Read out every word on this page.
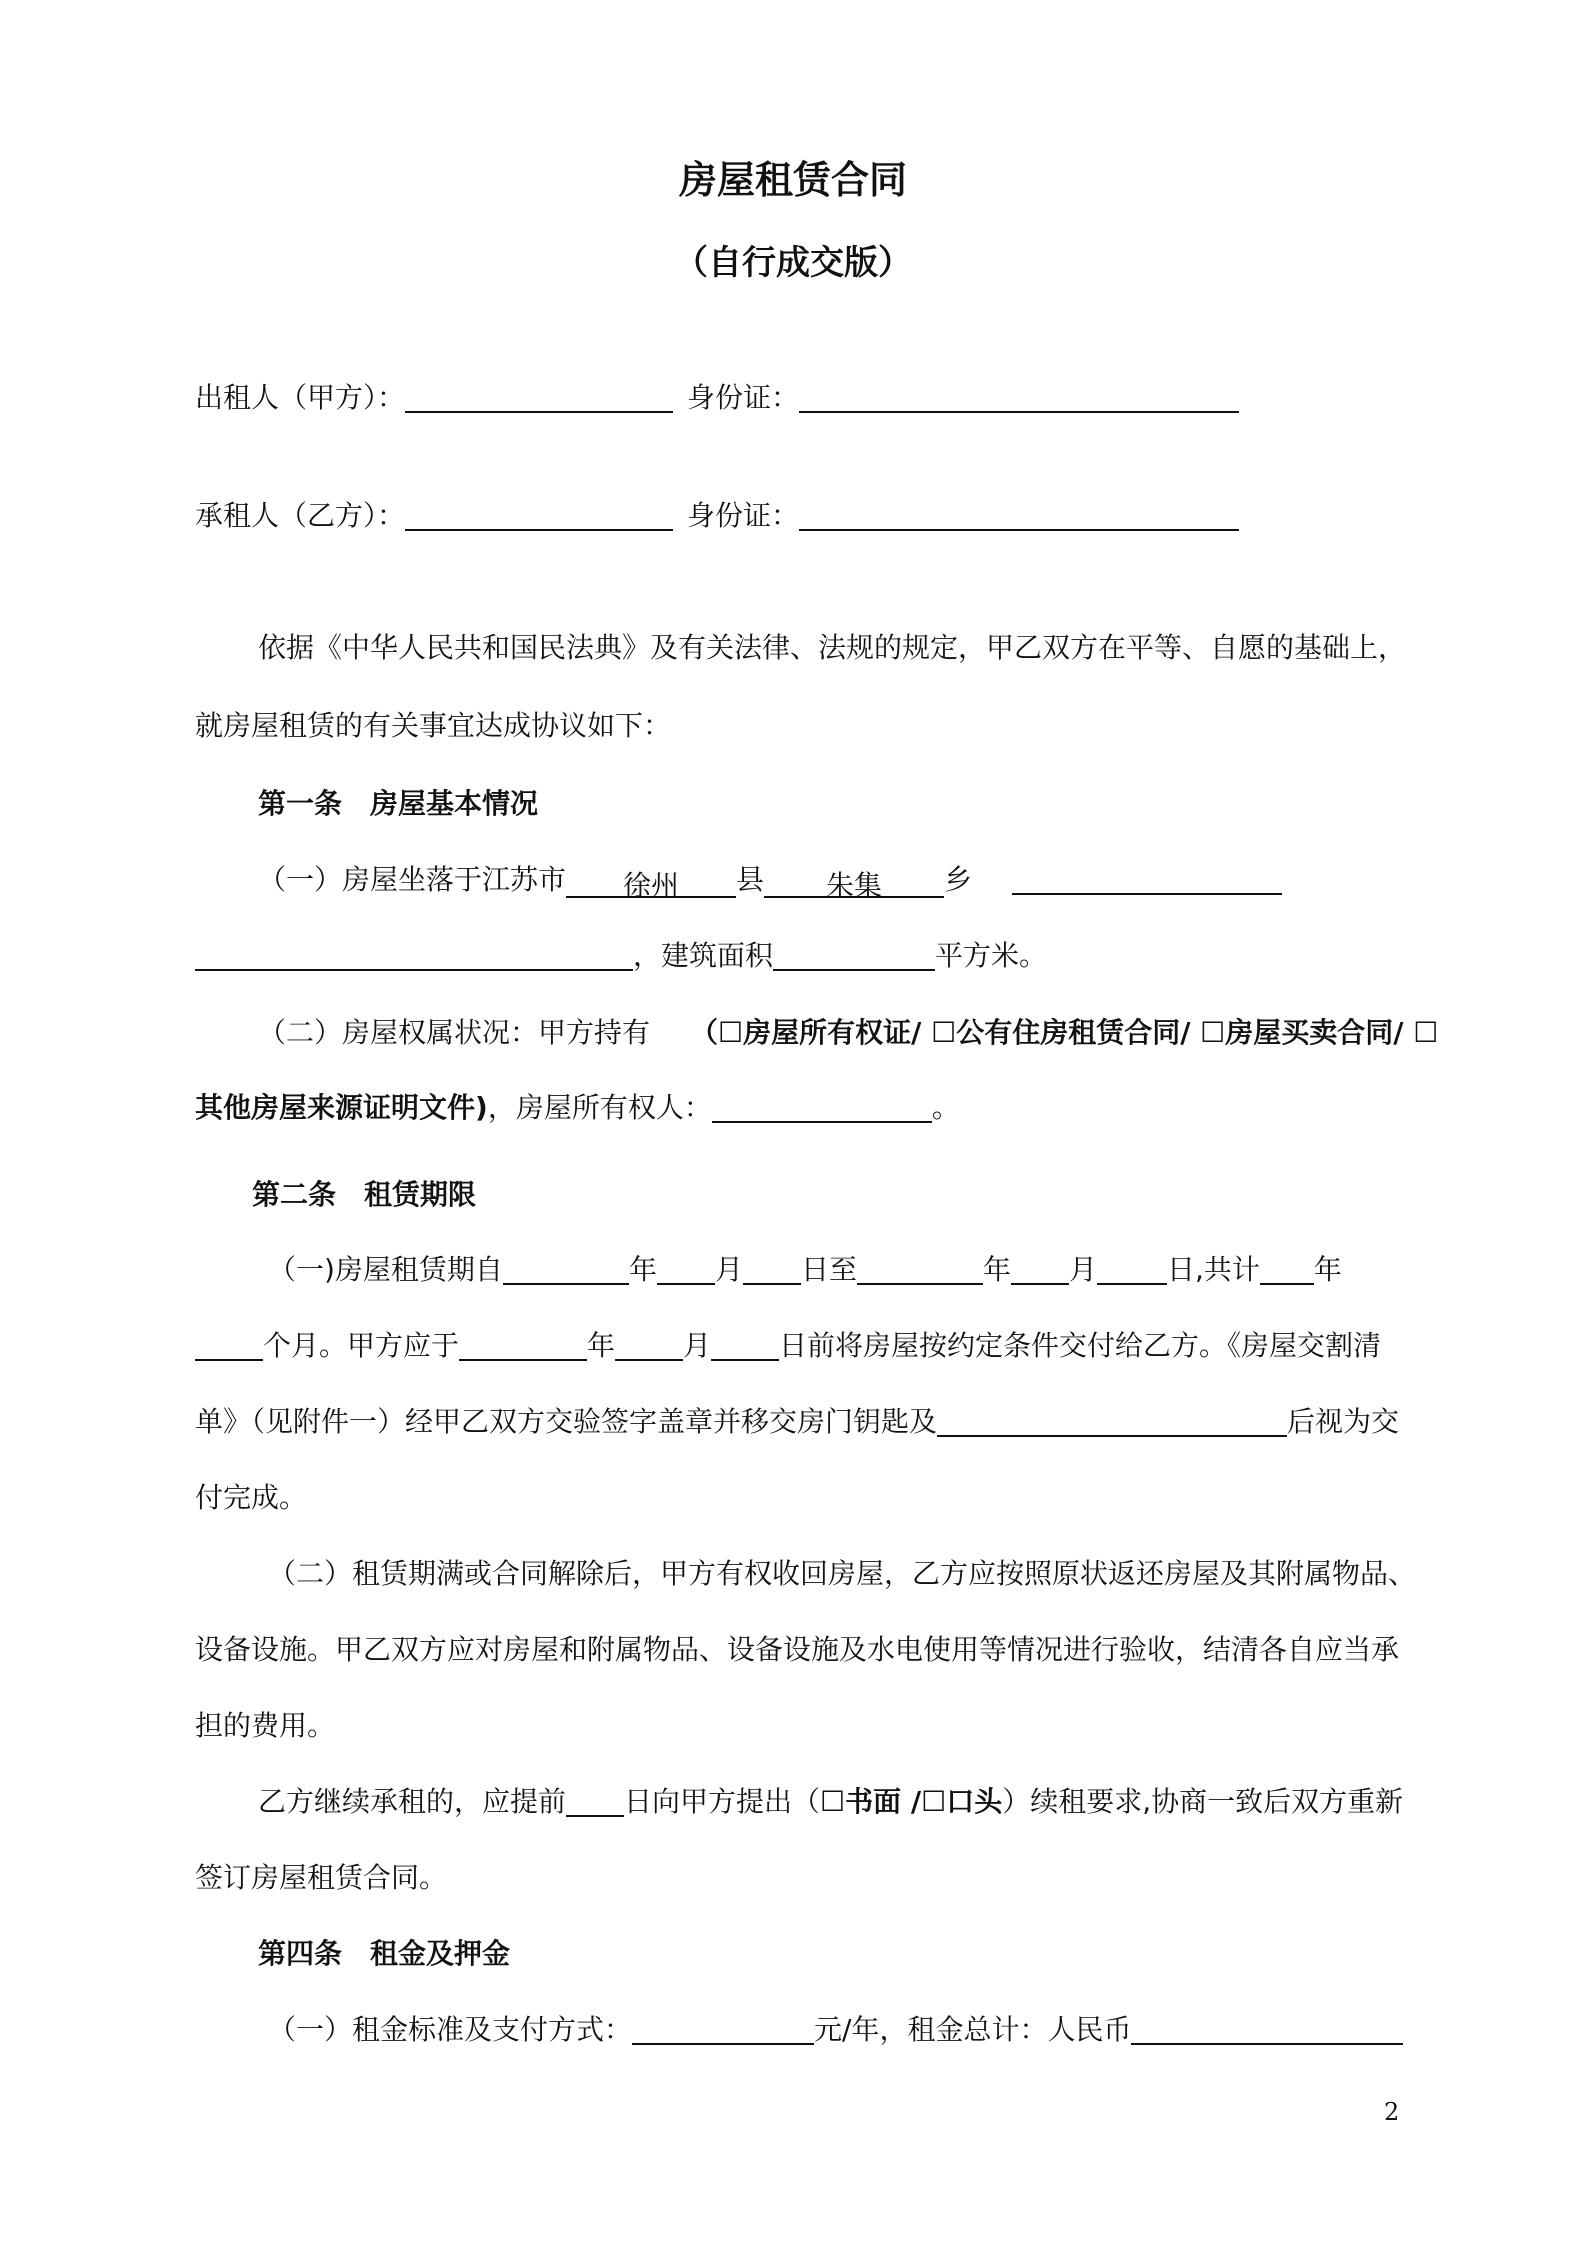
房屋租赁合同
（自行成交版）
出租人（甲方）：	身份证：
承租人（乙方）：	身份证：
依据《中华人民共和国民法典》及有关法律、法规的规定，甲乙双方在平等、自愿的基础上，
就房屋租赁的有关事宜达成协议如下：
第一条　房屋基本情况
（一）房屋坐落于江苏市 徐州 县 朱集 乡
，建筑面积	平方米。
（二）房屋权属状况：甲方持有 （☐房屋所有权证/ ☐公有住房租赁合同/ ☐房屋买卖合同/ ☐
其他房屋来源证明文件)，房屋所有权人：	。
第二条　租赁期限
（一)房屋租赁期自	年 月 日至	年 月	日,共计 年
个月。甲方应于	年 月 日前将房屋按约定条件交付给乙方。《房屋交割清
单》（见附件一）经甲乙双方交验签字盖章并移交房门钥匙及	后视为交
付完成。
（二）租赁期满或合同解除后，甲方有权收回房屋，乙方应按照原状返还房屋及其附属物品、
设备设施。甲乙双方应对房屋和附属物品、设备设施及水电使用等情况进行验收，结清各自应当承
担的费用。
乙方继续承租的，应提前 日向甲方提出（☐书面 /☐口头）续租要求,协商一致后双方重新
签订房屋租赁合同。
第四条　租金及押金
（一）租金标准及支付方式：	元/年，租金总计：人民币
2
